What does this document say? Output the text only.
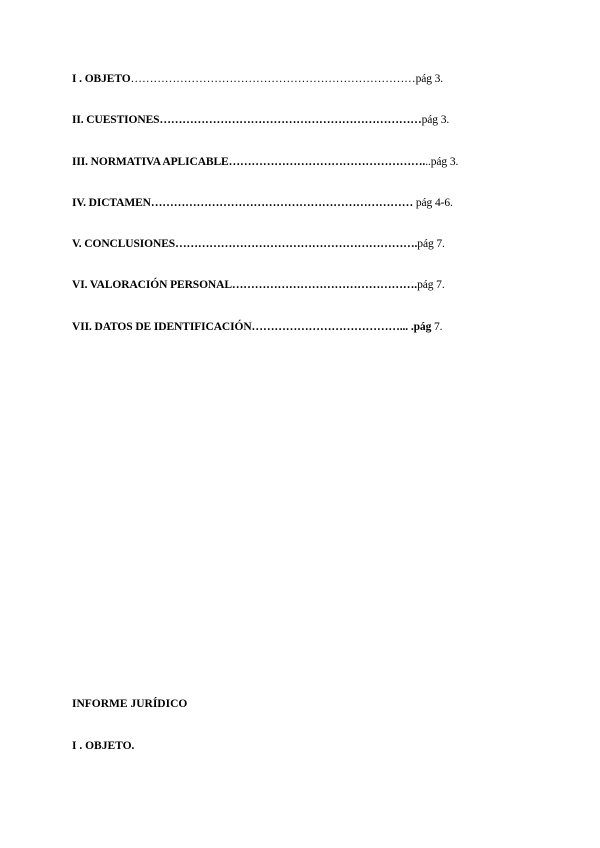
I . OBJETO…………………………………………………………………pág 3.
II. CUESTIONES……………………………………………………………pág 3.
III. NORMATIVA APLICABLE……………………………………………...pág 3.
IV. DICTAMEN…………………………………………………………… pág 4-6.
V. CONCLUSIONES……………………………………………………….pág 7.
VI. VALORACIÓN PERSONAL………………………………………….pág 7.
VII. DATOS DE IDENTIFICACIÓN…………………………………... .pág 7.
INFORME JURÍDICO
I . OBJETO.
